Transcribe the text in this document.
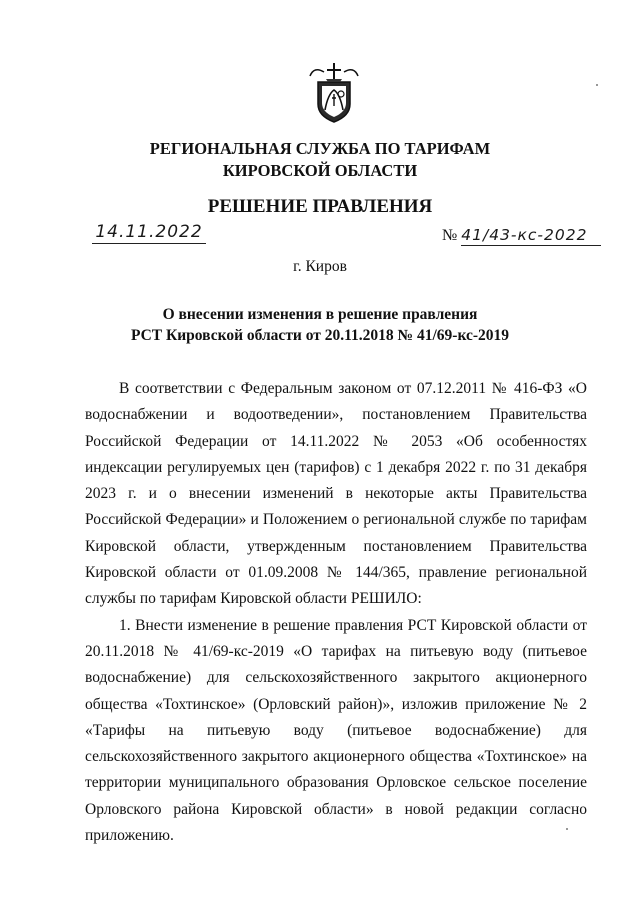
РЕГИОНАЛЬНАЯ СЛУЖБА ПО ТАРИФАМ
КИРОВСКОЙ ОБЛАСТИ
РЕШЕНИЕ ПРАВЛЕНИЯ
14.11.2022	№ 41/43-кс-2022
г. Киров
О внесении изменения в решение правления
РСТ Кировской области от 20.11.2018 № 41/69-кс-2019

В соответствии с Федеральным законом от 07.12.2011 № 416-ФЗ «О водоснабжении и водоотведении», постановлением Правительства Российской Федерации от 14.11.2022 № 2053 «Об особенностях индексации регулируемых цен (тарифов) с 1 декабря 2022 г. по 31 декабря 2023 г. и о внесении изменений в некоторые акты Правительства Российской Федерации» и Положением о региональной службе по тарифам Кировской области, утвержденным постановлением Правительства Кировской области от 01.09.2008 № 144/365, правление региональной службы по тарифам Кировской области РЕШИЛО:

1. Внести изменение в решение правления РСТ Кировской области от 20.11.2018 № 41/69-кс-2019 «О тарифах на питьевую воду (питьевое водоснабжение) для сельскохозяйственного закрытого акционерного общества «Тохтинское» (Орловский район)», изложив приложение № 2 «Тарифы на питьевую воду (питьевое водоснабжение) для сельскохозяйственного закрытого акционерного общества «Тохтинское» на территории муниципального образования Орловское сельское поселение Орловского района Кировской области» в новой редакции согласно приложению.
